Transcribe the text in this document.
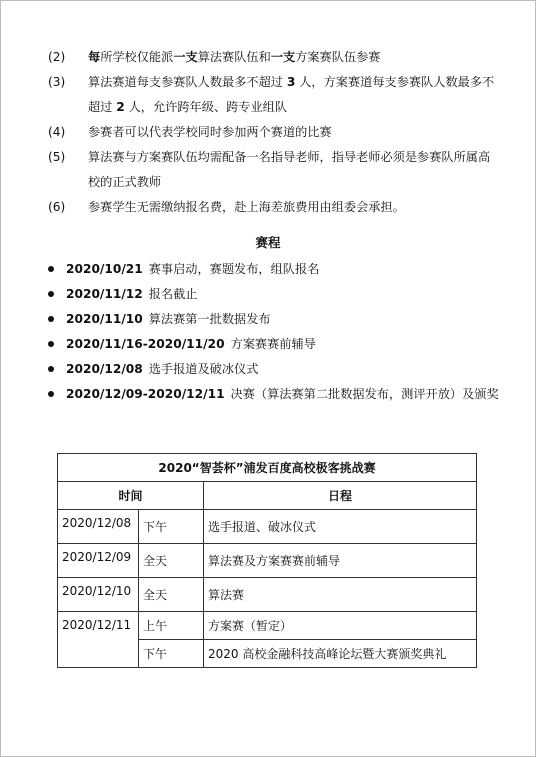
(2)	每所学校仅能派一支算法赛队伍和一支方案赛队伍参赛
(3)	算法赛道每支参赛队人数最多不超过 3 人，方案赛道每支参赛队人数最多不超过 2 人，允许跨年级、跨专业组队
(4)	参赛者可以代表学校同时参加两个赛道的比赛
(5)	算法赛与方案赛队伍均需配备一名指导老师，指导老师必须是参赛队所属高校的正式教师
(6)	参赛学生无需缴纳报名费，赴上海差旅费用由组委会承担。
赛程
2020/10/21 赛事启动，赛题发布，组队报名
2020/11/12 报名截止
2020/11/10 算法赛第一批数据发布
2020/11/16-2020/11/20 方案赛赛前辅导
2020/12/08 选手报道及破冰仪式
2020/12/09-2020/12/11 决赛（算法赛第二批数据发布，测评开放）及颁奖
2020“智荟杯”浦发百度高校极客挑战赛		
时间		日程
2020/12/08	下午	选手报道、破冰仪式
2020/12/09	全天	算法赛及方案赛赛前辅导
2020/12/10	全天	算法赛
2020/12/11	上午	方案赛（暂定）
	下午	2020 高校金融科技高峰论坛暨大赛颁奖典礼
